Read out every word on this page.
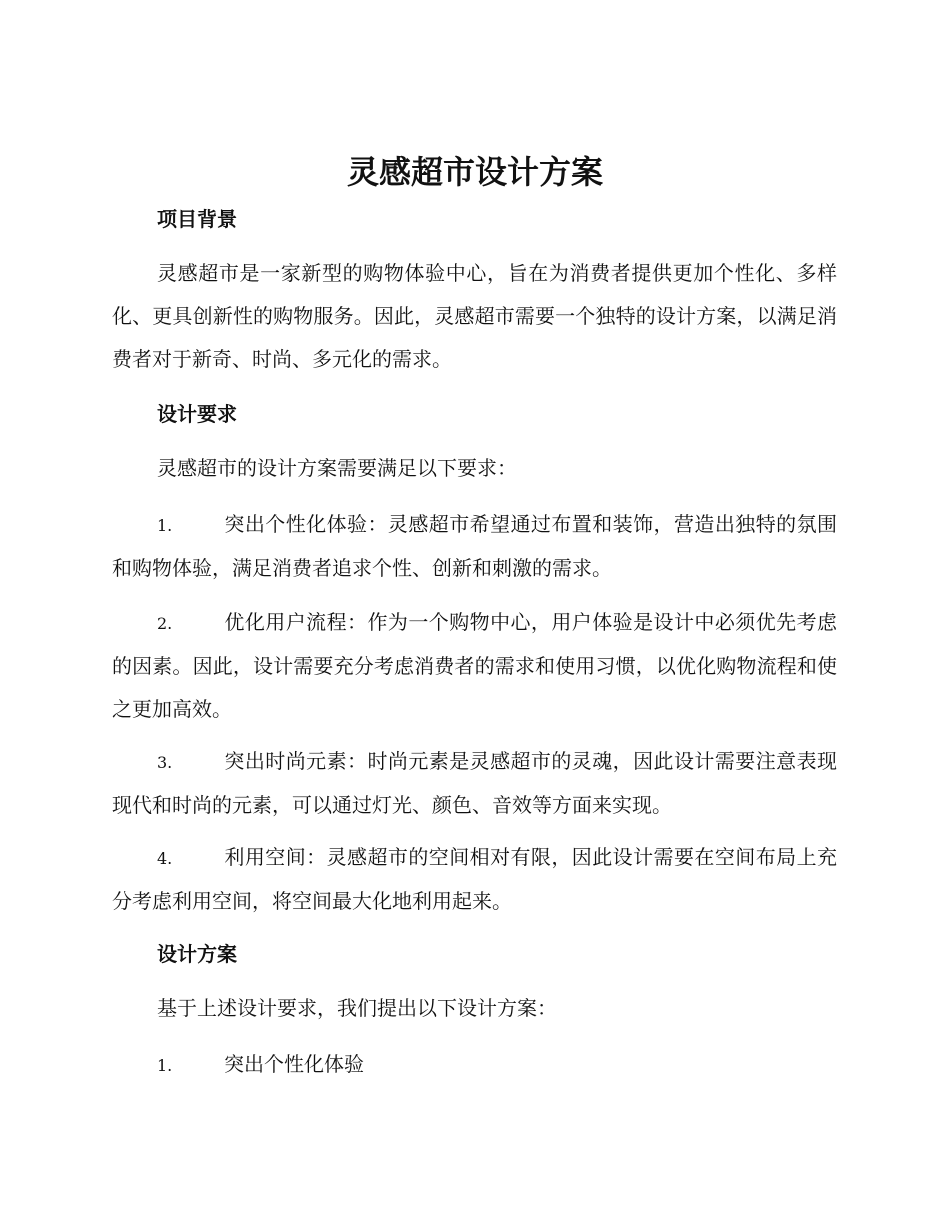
灵感超市设计方案
项目背景

灵感超市是一家新型的购物体验中心，旨在为消费者提供更加个性化、多样化、更具创新性的购物服务。因此，灵感超市需要一个独特的设计方案，以满足消费者对于新奇、时尚、多元化的需求。

设计要求

灵感超市的设计方案需要满足以下要求：

1.	突出个性化体验：灵感超市希望通过布置和装饰，营造出独特的氛围和购物体验，满足消费者追求个性、创新和刺激的需求。

2.	优化用户流程：作为一个购物中心，用户体验是设计中必须优先考虑的因素。因此，设计需要充分考虑消费者的需求和使用习惯，以优化购物流程和使之更加高效。

3.	突出时尚元素：时尚元素是灵感超市的灵魂，因此设计需要注意表现现代和时尚的元素，可以通过灯光、颜色、音效等方面来实现。

4.	利用空间：灵感超市的空间相对有限，因此设计需要在空间布局上充分考虑利用空间，将空间最大化地利用起来。

设计方案

基于上述设计要求，我们提出以下设计方案：

1.	突出个性化体验
